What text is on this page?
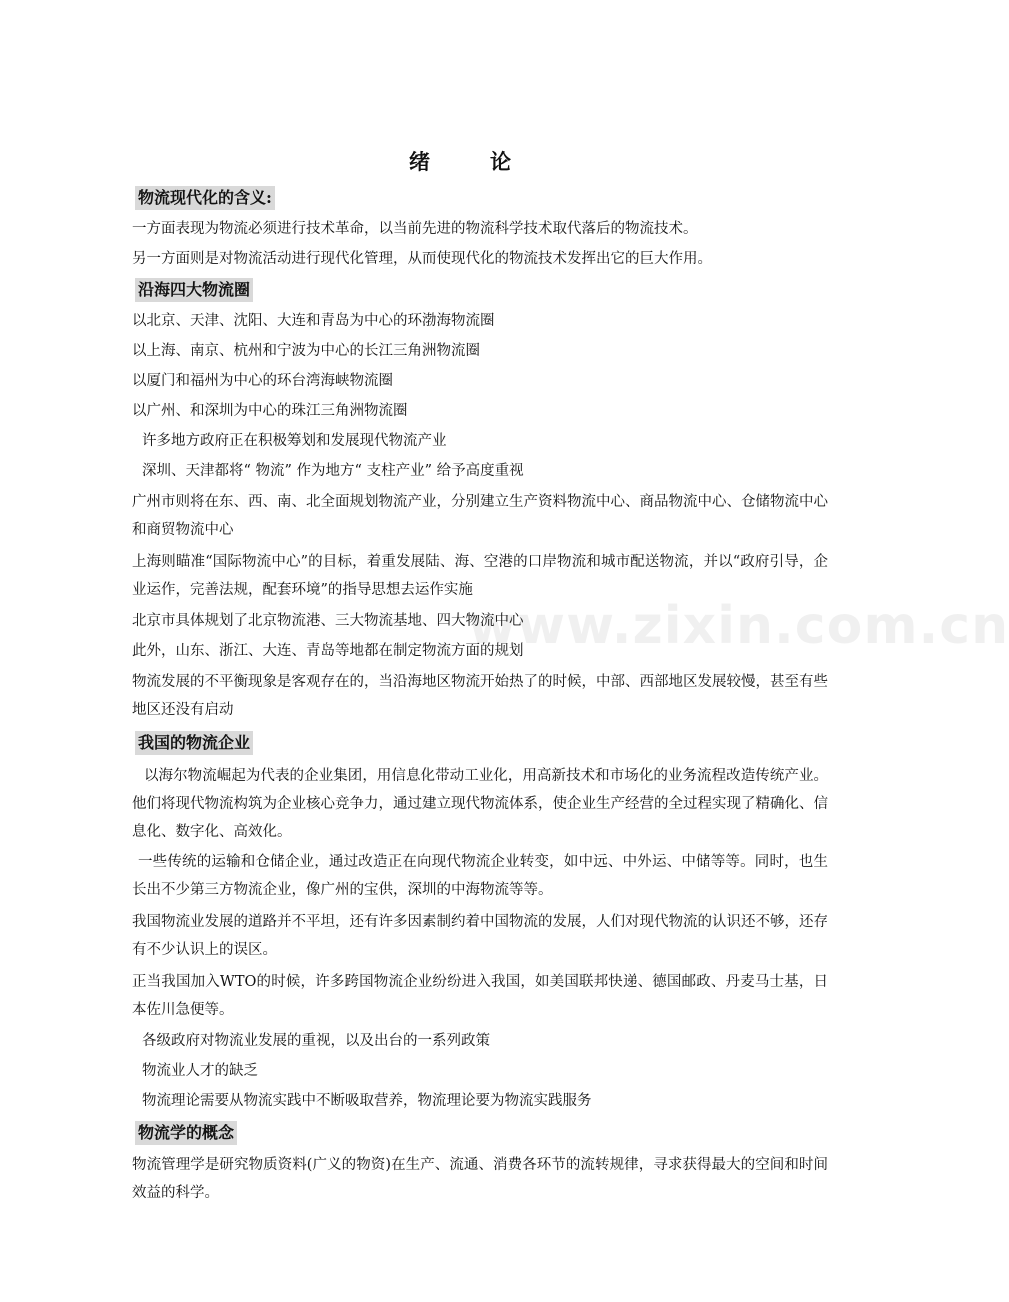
www.zixin.com.cn
绪	论
物流现代化的含义:
一方面表现为物流必须进行技术革命，以当前先进的物流科学技术取代落后的物流技术。
另一方面则是对物流活动进行现代化管理，从而使现代化的物流技术发挥出它的巨大作用。
沿海四大物流圈
以北京、天津、沈阳、大连和青岛为中心的环渤海物流圈
以上海、南京、杭州和宁波为中心的长江三角洲物流圈
以厦门和福州为中心的环台湾海峡物流圈
以广州、和深圳为中心的珠江三角洲物流圈
许多地方政府正在积极筹划和发展现代物流产业
深圳、天津都将“ 物流” 作为地方“ 支柱产业” 给予高度重视
广州市则将在东、西、南、北全面规划物流产业，分别建立生产资料物流中心、商品物流中心、仓储物流中心和商贸物流中心
上海则瞄准“国际物流中心”的目标，着重发展陆、海、空港的口岸物流和城市配送物流，并以“政府引导，企业运作，完善法规，配套环境”的指导思想去运作实施
北京市具体规划了北京物流港、三大物流基地、四大物流中心
此外，山东、浙江、大连、青岛等地都在制定物流方面的规划
物流发展的不平衡现象是客观存在的，当沿海地区物流开始热了的时候，中部、西部地区发展较慢，甚至有些地区还没有启动
我国的物流企业
以海尔物流崛起为代表的企业集团，用信息化带动工业化，用高新技术和市场化的业务流程改造传统产业。他们将现代物流构筑为企业核心竞争力，通过建立现代物流体系，使企业生产经营的全过程实现了精确化、信息化、数字化、高效化。
一些传统的运输和仓储企业，通过改造正在向现代物流企业转变，如中远、中外运、中储等等。同时，也生长出不少第三方物流企业，像广州的宝供，深圳的中海物流等等。
我国物流业发展的道路并不平坦，还有许多因素制约着中国物流的发展，人们对现代物流的认识还不够，还存有不少认识上的误区。
正当我国加入WTO的时候，许多跨国物流企业纷纷进入我国，如美国联邦快递、德国邮政、丹麦马士基，日本佐川急便等。
各级政府对物流业发展的重视，以及出台的一系列政策
物流业人才的缺乏
物流理论需要从物流实践中不断吸取营养，物流理论要为物流实践服务
物流学的概念
物流管理学是研究物质资料(广义的物资)在生产、流通、消费各环节的流转规律，寻求获得最大的空间和时间效益的科学。
